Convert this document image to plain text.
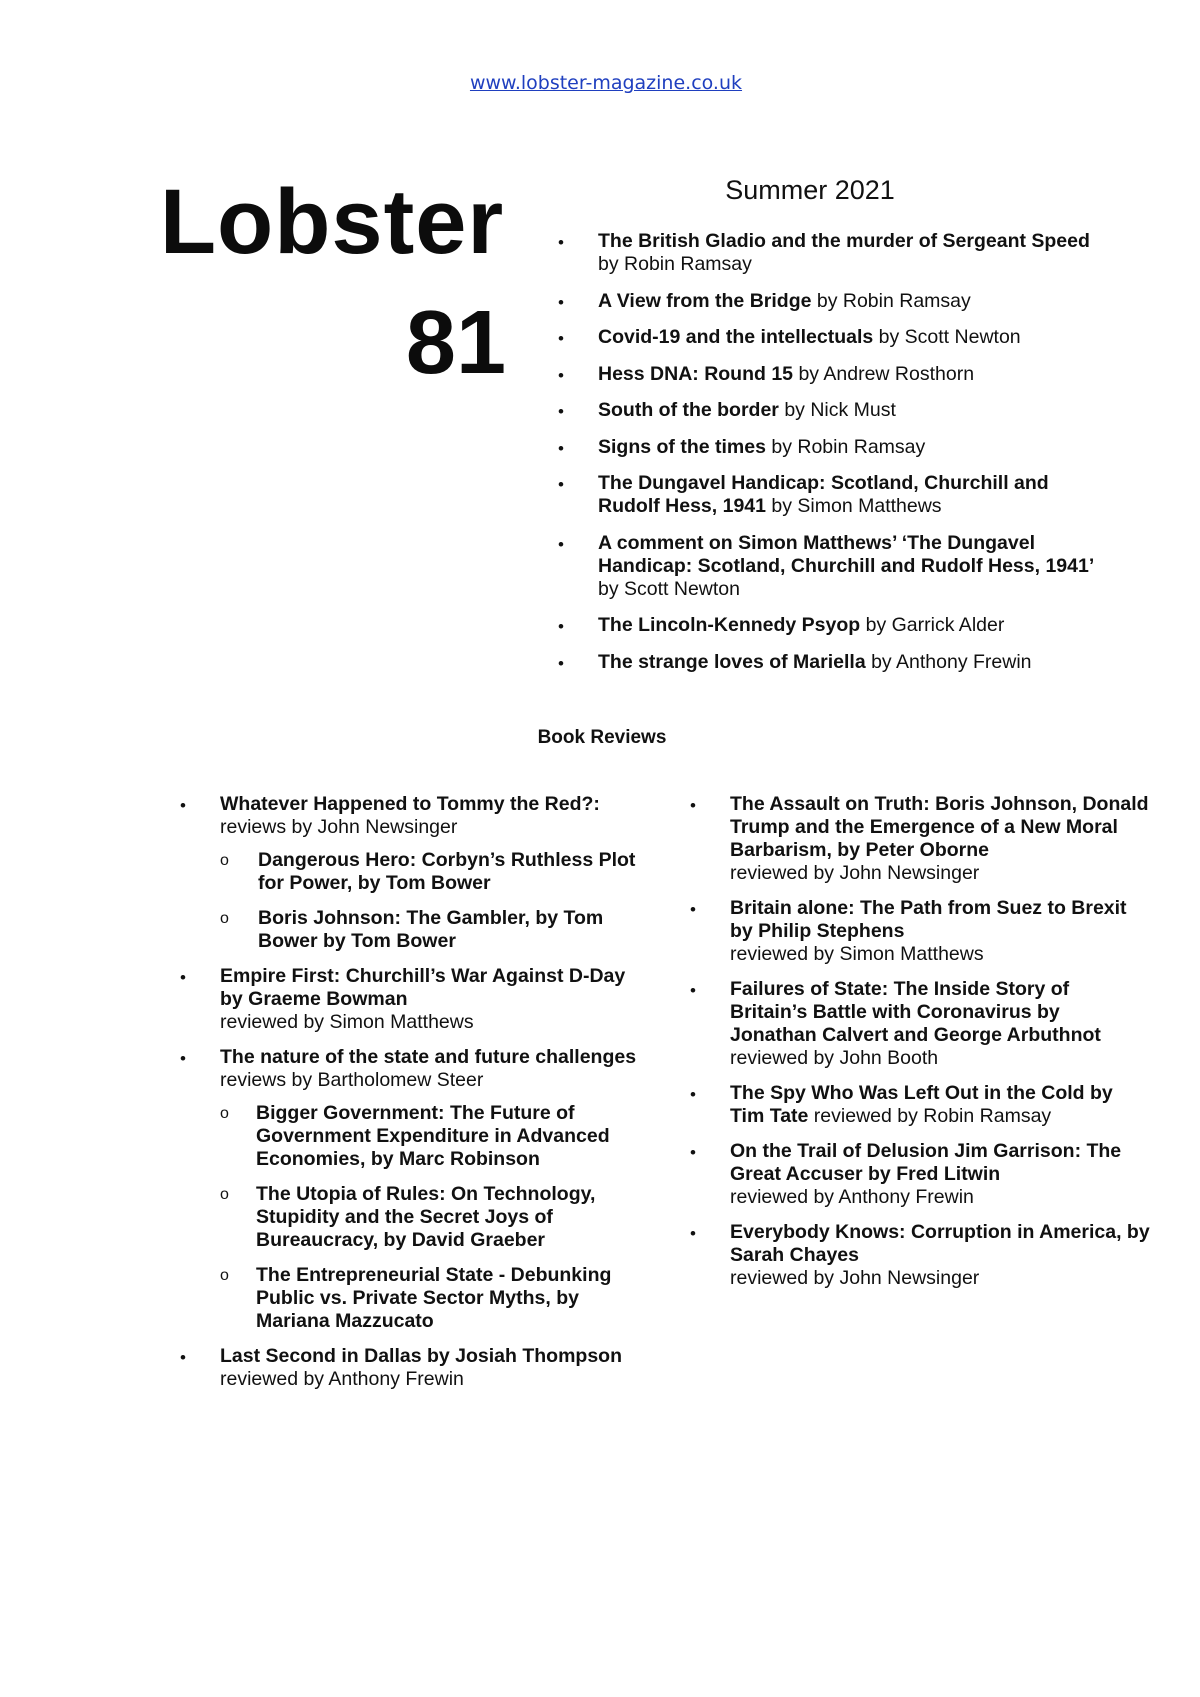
www.lobster-magazine.co.uk
Lobster
81
Summer 2021
• The British Gladio and the murder of Sergeant Speed by Robin Ramsay
• A View from the Bridge by Robin Ramsay
• Covid-19 and the intellectuals by Scott Newton
• Hess DNA: Round 15 by Andrew Rosthorn
• South of the border by Nick Must
• Signs of the times by Robin Ramsay
• The Dungavel Handicap: Scotland, Churchill and Rudolf Hess, 1941 by Simon Matthews
• A comment on Simon Matthews’ ‘The Dungavel Handicap: Scotland, Churchill and Rudolf Hess, 1941’ by Scott Newton
• The Lincoln-Kennedy Psyop by Garrick Alder
• The strange loves of Mariella by Anthony Frewin
Book Reviews
• Whatever Happened to Tommy the Red?:
reviews by John Newsinger
o Dangerous Hero: Corbyn’s Ruthless Plot for Power, by Tom Bower
o Boris Johnson: The Gambler, by Tom Bower by Tom Bower
• Empire First: Churchill’s War Against D-Day by Graeme Bowman
reviewed by Simon Matthews
• The nature of the state and future challenges reviews by Bartholomew Steer
o Bigger Government: The Future of Government Expenditure in Advanced Economies, by Marc Robinson
o The Utopia of Rules: On Technology, Stupidity and the Secret Joys of Bureaucracy, by David Graeber
o The Entrepreneurial State - Debunking Public vs. Private Sector Myths, by Mariana Mazzucato
• Last Second in Dallas by Josiah Thompson reviewed by Anthony Frewin
• The Assault on Truth: Boris Johnson, Donald Trump and the Emergence of a New Moral Barbarism, by Peter Oborne
reviewed by John Newsinger
• Britain alone: The Path from Suez to Brexit by Philip Stephens
reviewed by Simon Matthews
• Failures of State: The Inside Story of Britain’s Battle with Coronavirus by Jonathan Calvert and George Arbuthnot
reviewed by John Booth
• The Spy Who Was Left Out in the Cold by Tim Tate reviewed by Robin Ramsay
• On the Trail of Delusion Jim Garrison: The Great Accuser by Fred Litwin
reviewed by Anthony Frewin
• Everybody Knows: Corruption in America, by Sarah Chayes
reviewed by John Newsinger
